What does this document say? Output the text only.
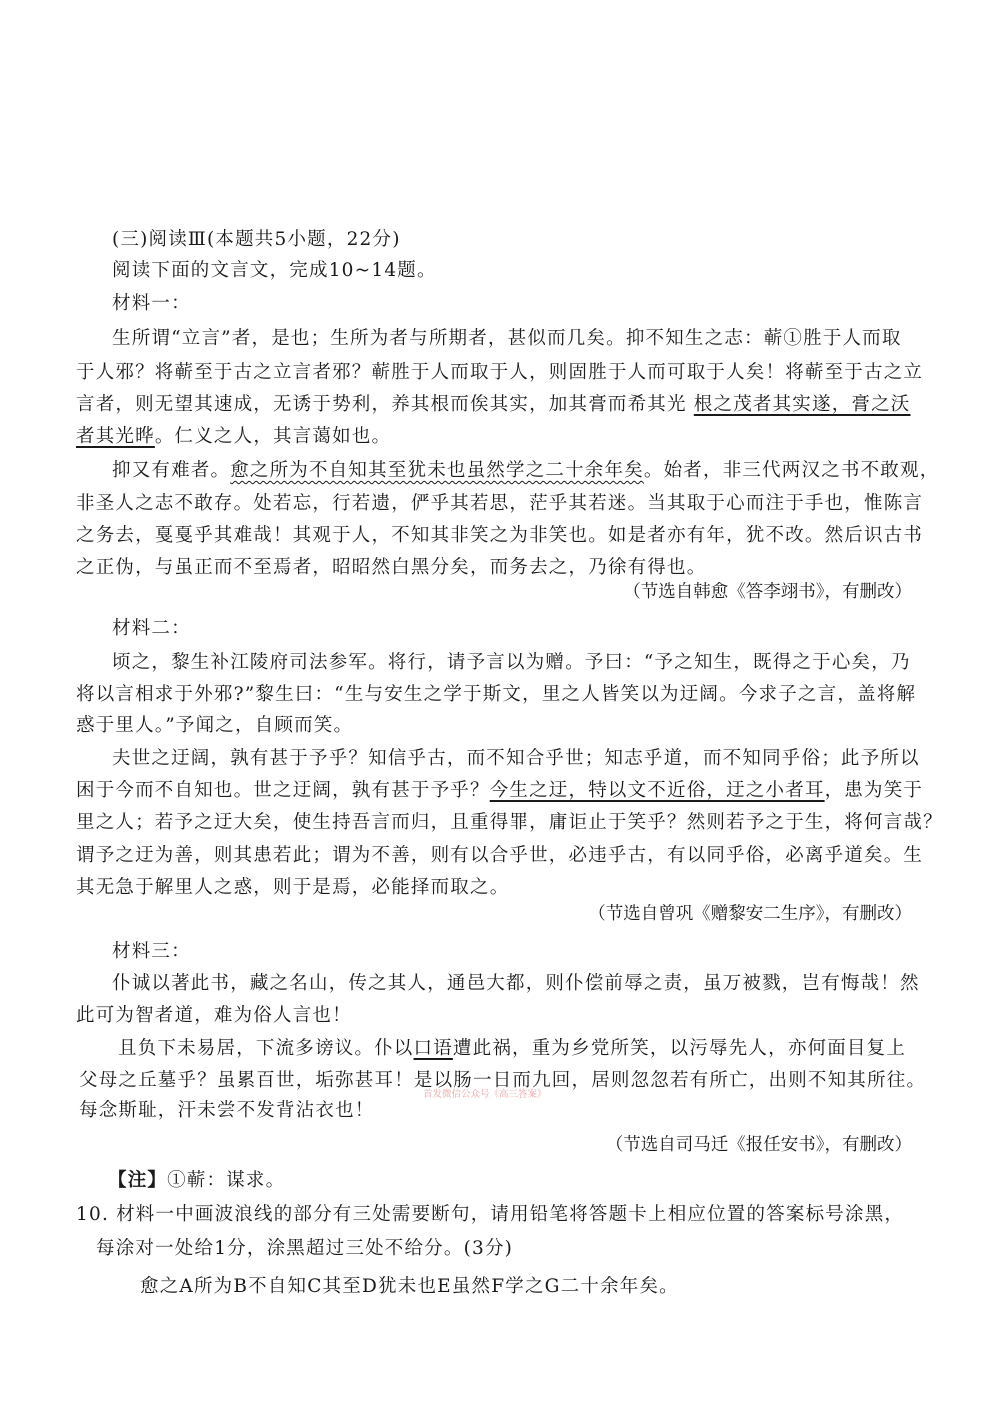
(三)阅读Ⅲ(本题共5小题，22分)
阅读下面的文言文，完成10~14题。
材料一：
生所谓“立言”者，是也；生所为者与所期者，甚似而几矣。抑不知生之志：蕲①胜于人而取
于人邪？将蕲至于古之立言者邪？蕲胜于人而取于人，则固胜于人而可取于人矣！将蕲至于古之立
言者，则无望其速成，无诱于势利，养其根而俟其实，加其膏而希其光 根之茂者其实遂，膏之沃
者其光晔。仁义之人，其言蔼如也。
抑又有难者。愈之所为不自知其至犹未也虽然学之二十余年矣。始者，非三代两汉之书不敢观，
非圣人之志不敢存。处若忘，行若遗，俨乎其若思，茫乎其若迷。当其取于心而注于手也，惟陈言
之务去，戛戛乎其难哉！其观于人，不知其非笑之为非笑也。如是者亦有年，犹不改。然后识古书
之正伪，与虽正而不至焉者，昭昭然白黑分矣，而务去之，乃徐有得也。
（节选自韩愈《答李翊书》，有删改）
材料二：
顷之，黎生补江陵府司法参军。将行，请予言以为赠。予曰：“予之知生，既得之于心矣，乃
将以言相求于外邪?”黎生曰：“生与安生之学于斯文，里之人皆笑以为迂阔。今求子之言，盖将解
惑于里人。”予闻之，自顾而笑。
夫世之迂阔，孰有甚于予乎？知信乎古，而不知合乎世；知志乎道，而不知同乎俗；此予所以
困于今而不自知也。世之迂阔，孰有甚于予乎？今生之迂，特以文不近俗，迂之小者耳，患为笑于
里之人；若予之迂大矣，使生持吾言而归，且重得罪，庸讵止于笑乎？然则若予之于生，将何言哉？
谓予之迂为善，则其患若此；谓为不善，则有以合乎世，必违乎古，有以同乎俗，必离乎道矣。生
其无急于解里人之惑，则于是焉，必能择而取之。
（节选自曾巩《赠黎安二生序》，有删改）
材料三：
仆诚以著此书，藏之名山，传之其人，通邑大都，则仆偿前辱之责，虽万被戮，岂有悔哉！然
此可为智者道，难为俗人言也！
且负下未易居，下流多谤议。仆以口语遭此祸，重为乡党所笑，以污辱先人，亦何面目复上
父母之丘墓乎？虽累百世，垢弥甚耳！是以肠一日而九回，居则忽忽若有所亡，出则不知其所往。
首发微信公众号《高三答案》
每念斯耻，汗未尝不发背沾衣也！
（节选自司马迁《报任安书》，有删改）
【注】①蕲：谋求。
10. 材料一中画波浪线的部分有三处需要断句，请用铅笔将答题卡上相应位置的答案标号涂黑，
每涂对一处给1分，涂黑超过三处不给分。(3分)
愈之A所为B不自知C其至D犹未也E虽然F学之G二十余年矣。
